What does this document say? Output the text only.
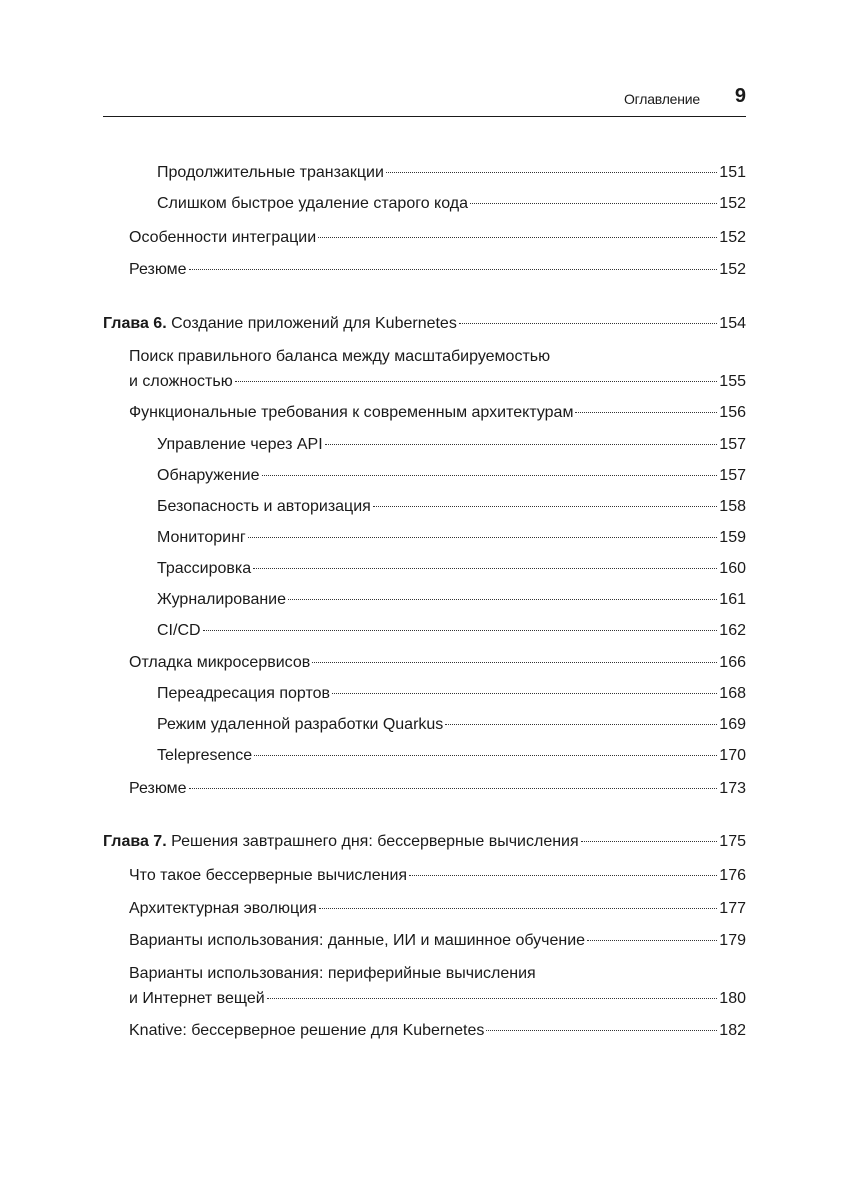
Оглавление 9
Продолжительные транзакции	151
Слишком быстрое удаление старого кода	152
Особенности интеграции	152
Резюме	152
Глава 6. Создание приложений для Kubernetes	154
Поиск правильного баланса между масштабируемостью
и сложностью	155
Функциональные требования к современным архитектурам	156
Управление через API	157
Обнаружение	157
Безопасность и авторизация	158
Мониторинг	159
Трассировка	160
Журналирование	161
CI/CD	162
Отладка микросервисов	166
Переадресация портов	168
Режим удаленной разработки Quarkus	169
Telepresence	170
Резюме	173
Глава 7. Решения завтрашнего дня: бессерверные вычисления	175
Что такое бессерверные вычисления	176
Архитектурная эволюция	177
Варианты использования: данные, ИИ и машинное обучение	179
Варианты использования: периферийные вычисления
и Интернет вещей	180
Knative: бессерверное решение для Kubernetes	182
